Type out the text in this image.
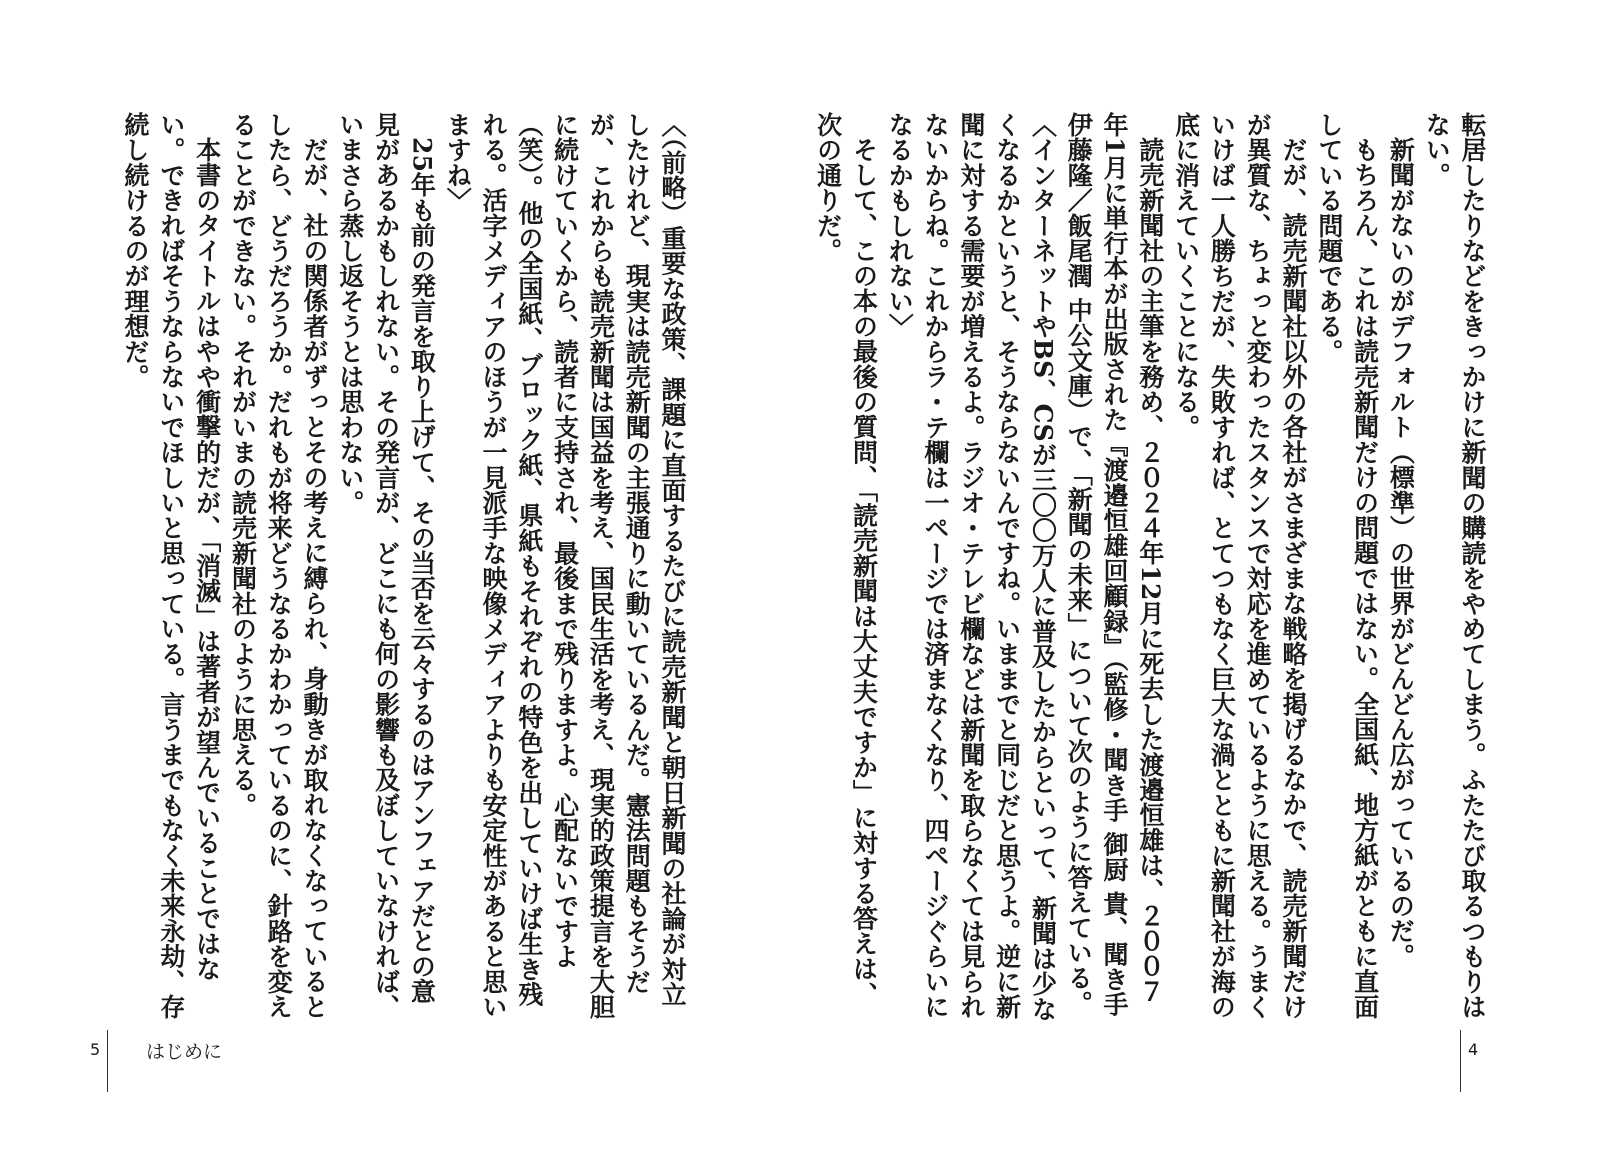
4

転居したりなどをきっかけに新聞の購読をやめてしまう。ふたたび取るつもりはない。

新聞がないのがデフォルト（標準）の世界がどんどん広がっているのだ。

もちろん、これは読売新聞だけの問題ではない。全国紙、地方紙がともに直面している問題である。

だが、読売新聞社以外の各社がさまざまな戦略を掲げるなかで、読売新聞だけが異質な、ちょっと変わったスタンスで対応を進めているように思える。うまくいけば一人勝ちだが、失敗すれば、とてつもなく巨大な渦とともに新聞社が海の底に消えていくことになる。

読売新聞社の主筆を務め、２０２４年12月に死去した渡邉恒雄は、２００７年1月に単行本が出版された『渡邉恒雄回顧録』（監修・聞き手 御厨 貴、聞き手 伊藤隆／飯尾潤 中公文庫）で、「新聞の未来」について次のように答えている。

〈インターネットやBS、CSが三〇〇万人に普及したからといって、新聞は少なくなるかというと、そうならないんですね。いままでと同じだと思うよ。逆に新聞に対する需要が増えるよ。ラジオ・テレビ欄などは新聞を取らなくては見られないからね。これからラ・テ欄は一ページでは済まなくなり、四ページぐらいになるかもしれない〉

そして、この本の最後の質問、「読売新聞は大丈夫ですか」に対する答えは、次の通りだ。

5 はじめに

〈（前略）重要な政策、課題に直面するたびに読売新聞と朝日新聞の社論が対立したけれど、現実は読売新聞の主張通りに動いているんだ。憲法問題もそうだが、これからも読売新聞は国益を考え、国民生活を考え、現実的政策提言を大胆に続けていくから、読者に支持され、最後まで残りますよ。心配ないですよ（笑）。他の全国紙、ブロック紙、県紙もそれぞれの特色を出していけば生き残れる。活字メディアのほうが一見派手な映像メディアよりも安定性があると思いますね〉

25年も前の発言を取り上げて、その当否を云々するのはアンフェアだとの意見があるかもしれない。その発言が、どこにも何の影響も及ぼしていなければ、いまさら蒸し返そうとは思わない。

だが、社の関係者がずっとその考えに縛られ、身動きが取れなくなっているとしたら、どうだろうか。だれもが将来どうなるかわかっているのに、針路を変えることができない。それがいまの読売新聞社のように思える。

本書のタイトルはやや衝撃的だが、「消滅」は著者が望んでいることではない。できればそうならないでほしいと思っている。言うまでもなく未来永劫、存続し続けるのが理想だ。
